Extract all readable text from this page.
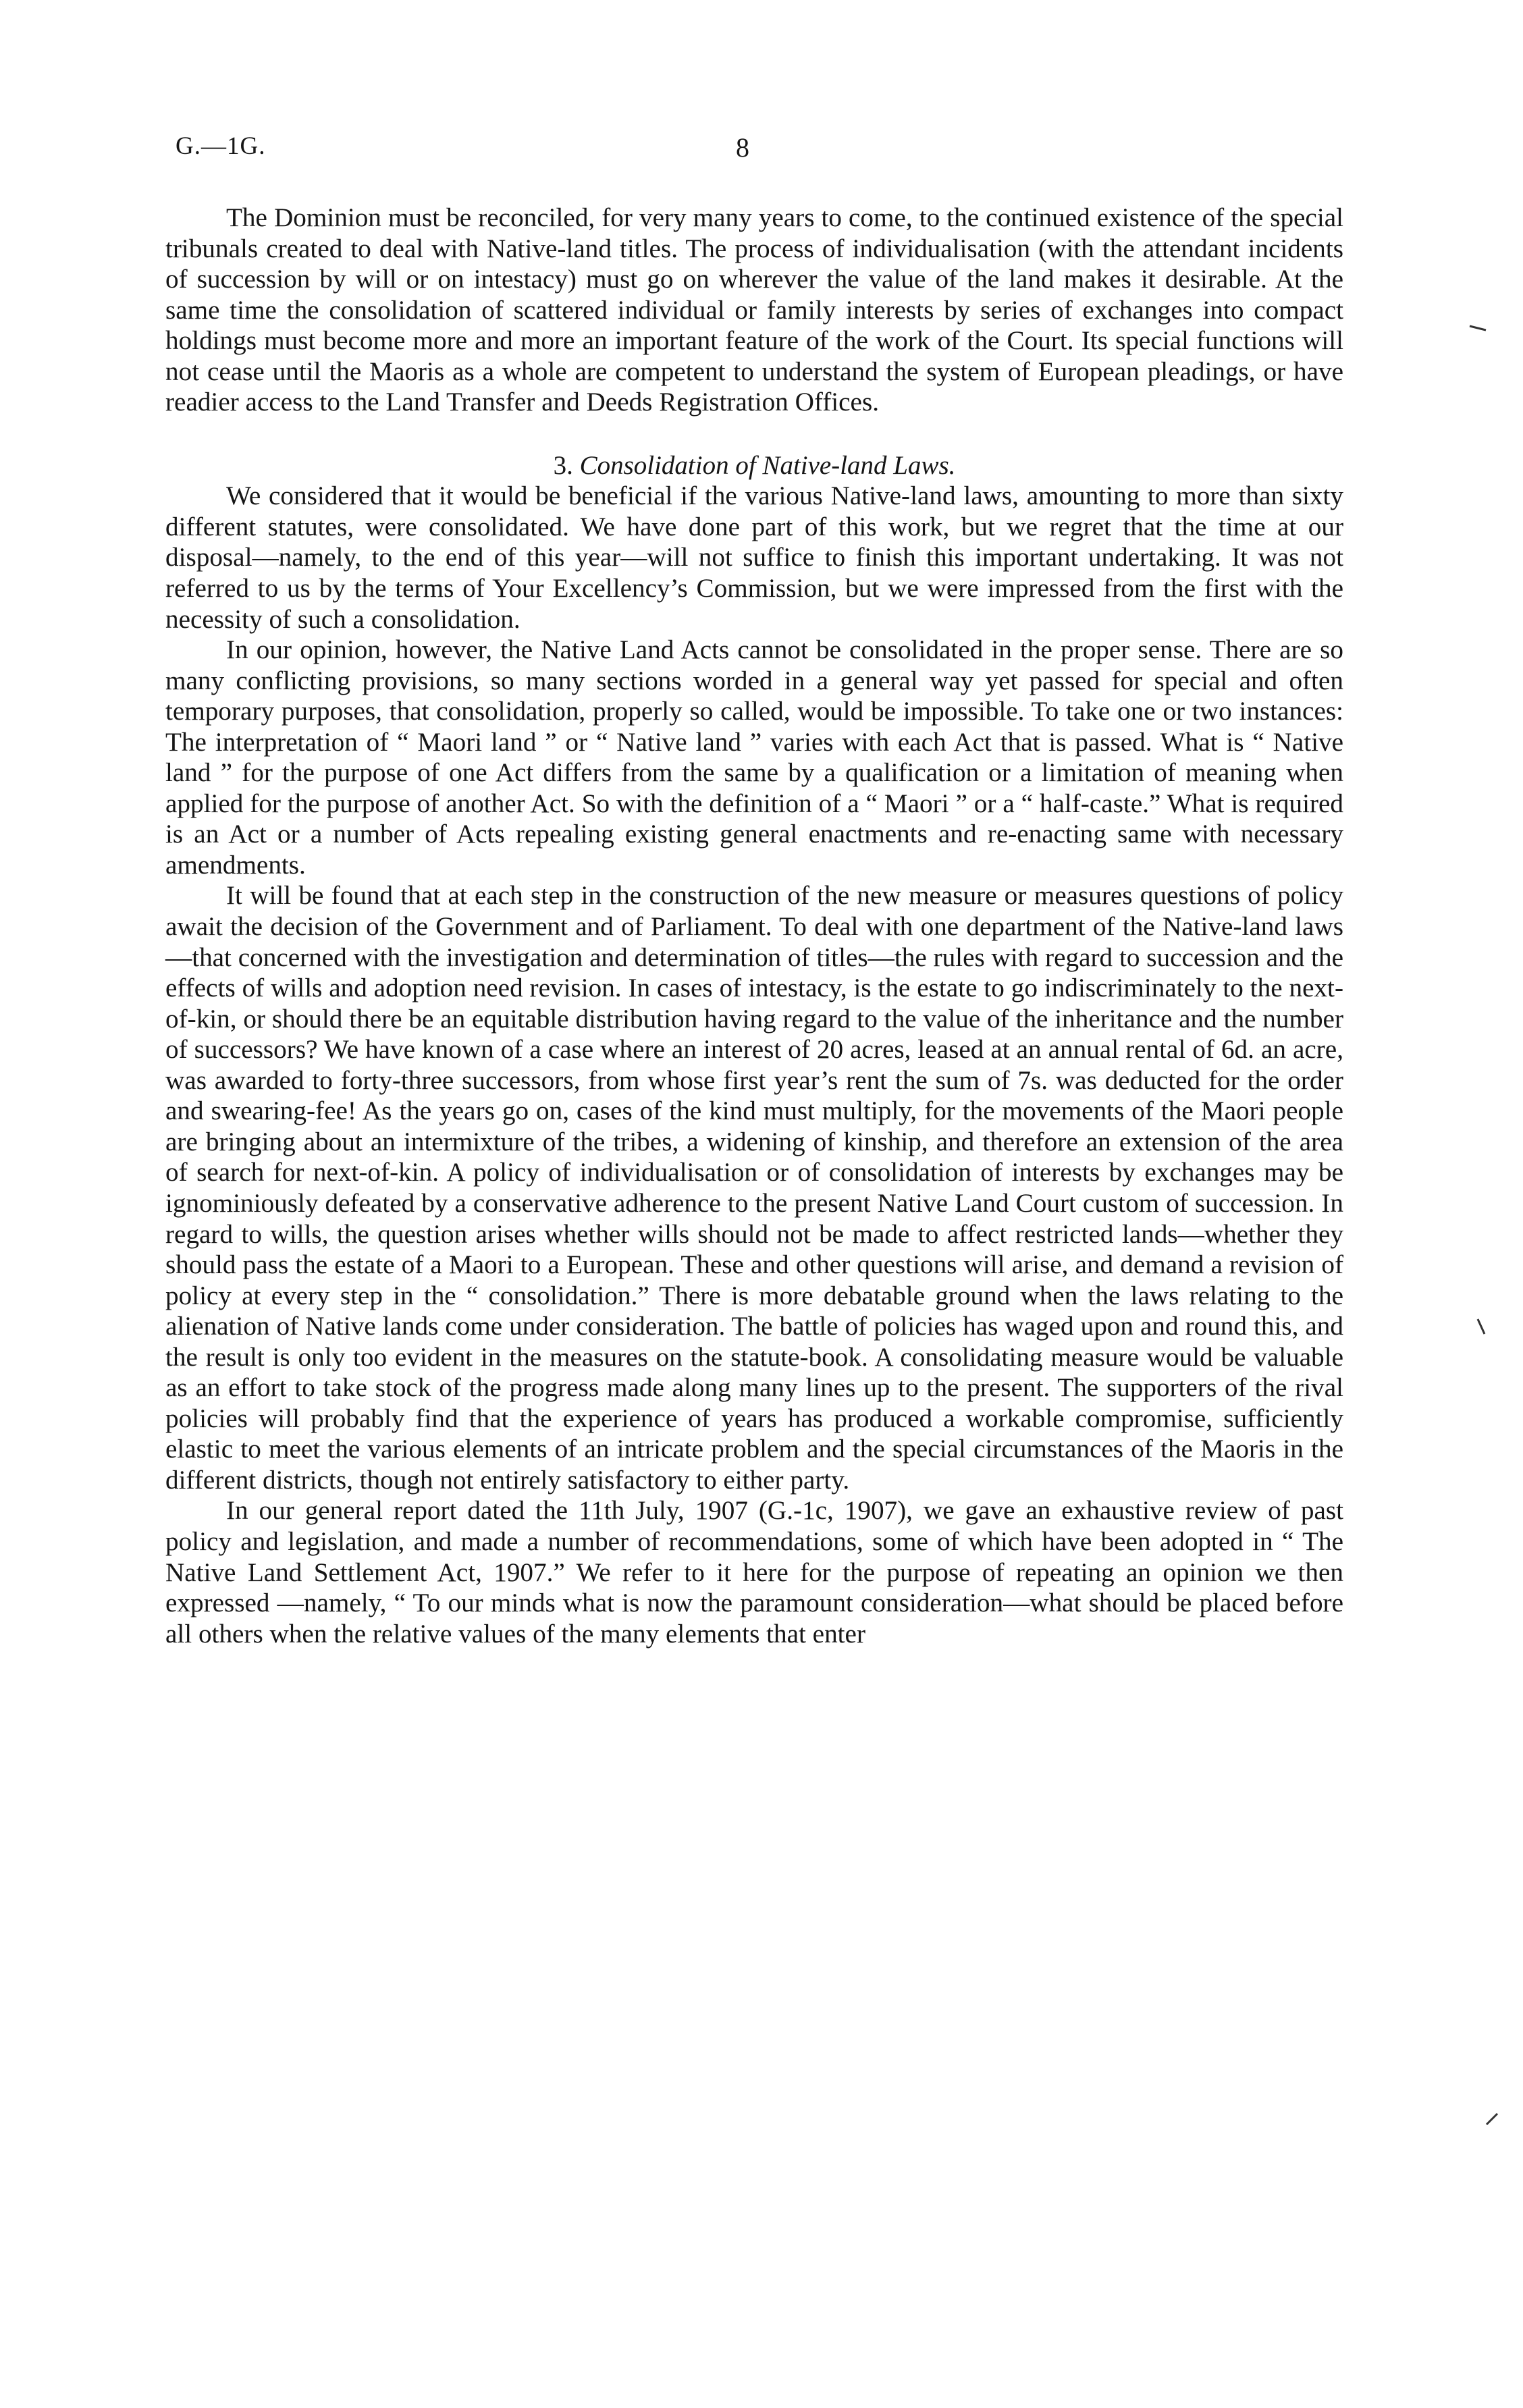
G.—1G.	8

The Dominion must be reconciled, for very many years to come, to the continued existence of the special tribunals created to deal with Native-land titles. The process of individualisation (with the attendant incidents of succession by will or on intestacy) must go on wherever the value of the land makes it desirable. At the same time the consolidation of scattered individual or family interests by series of exchanges into compact holdings must become more and more an important feature of the work of the Court. Its special functions will not cease until the Maoris as a whole are competent to understand the system of European pleadings, or have readier access to the Land Transfer and Deeds Registration Offices.

3. Consolidation of Native-land Laws.

We considered that it would be beneficial if the various Native-land laws, amounting to more than sixty different statutes, were consolidated. We have done part of this work, but we regret that the time at our disposal—namely, to the end of this year—will not suffice to finish this important undertaking. It was not referred to us by the terms of Your Excellency’s Commission, but we were impressed from the first with the necessity of such a consolidation.

In our opinion, however, the Native Land Acts cannot be consolidated in the proper sense. There are so many conflicting provisions, so many sections worded in a general way yet passed for special and often temporary purposes, that consolidation, properly so called, would be impossible. To take one or two instances: The interpretation of “ Maori land ” or “ Native land ” varies with each Act that is passed. What is “ Native land ” for the purpose of one Act differs from the same by a qualification or a limitation of meaning when applied for the purpose of another Act. So with the definition of a “ Maori ” or a “ half-caste.” What is required is an Act or a number of Acts repealing existing general enactments and re-enacting same with necessary amendments.

It will be found that at each step in the construction of the new measure or measures questions of policy await the decision of the Government and of Parliament. To deal with one department of the Native-land laws—that concerned with the investigation and determination of titles—the rules with regard to succession and the effects of wills and adoption need revision. In cases of intestacy, is the estate to go indiscriminately to the next-of-kin, or should there be an equitable distribution having regard to the value of the inheritance and the number of successors? We have known of a case where an interest of 20 acres, leased at an annual rental of 6d. an acre, was awarded to forty-three successors, from whose first year’s rent the sum of 7s. was deducted for the order and swearing-fee! As the years go on, cases of the kind must multiply, for the movements of the Maori people are bringing about an intermixture of the tribes, a widening of kinship, and therefore an extension of the area of search for next-of-kin. A policy of individualisation or of consolidation of interests by exchanges may be ignominiously defeated by a conservative adherence to the present Native Land Court custom of succession. In regard to wills, the question arises whether wills should not be made to affect restricted lands—whether they should pass the estate of a Maori to a European. These and other questions will arise, and demand a revision of policy at every step in the “ consolidation.” There is more debatable ground when the laws relating to the alienation of Native lands come under consideration. The battle of policies has waged upon and round this, and the result is only too evident in the measures on the statute-book. A consolidating measure would be valuable as an effort to take stock of the progress made along many lines up to the present. The supporters of the rival policies will probably find that the experience of years has produced a workable compromise, sufficiently elastic to meet the various elements of an intricate problem and the special circumstances of the Maoris in the different districts, though not entirely satisfactory to either party.

In our general report dated the 11th July, 1907 (G.-1c, 1907), we gave an exhaustive review of past policy and legislation, and made a number of recommendations, some of which have been adopted in “ The Native Land Settlement Act, 1907.” We refer to it here for the purpose of repeating an opinion we then expressed —namely, “ To our minds what is now the paramount consideration—what should be placed before all others when the relative values of the many elements that enter
